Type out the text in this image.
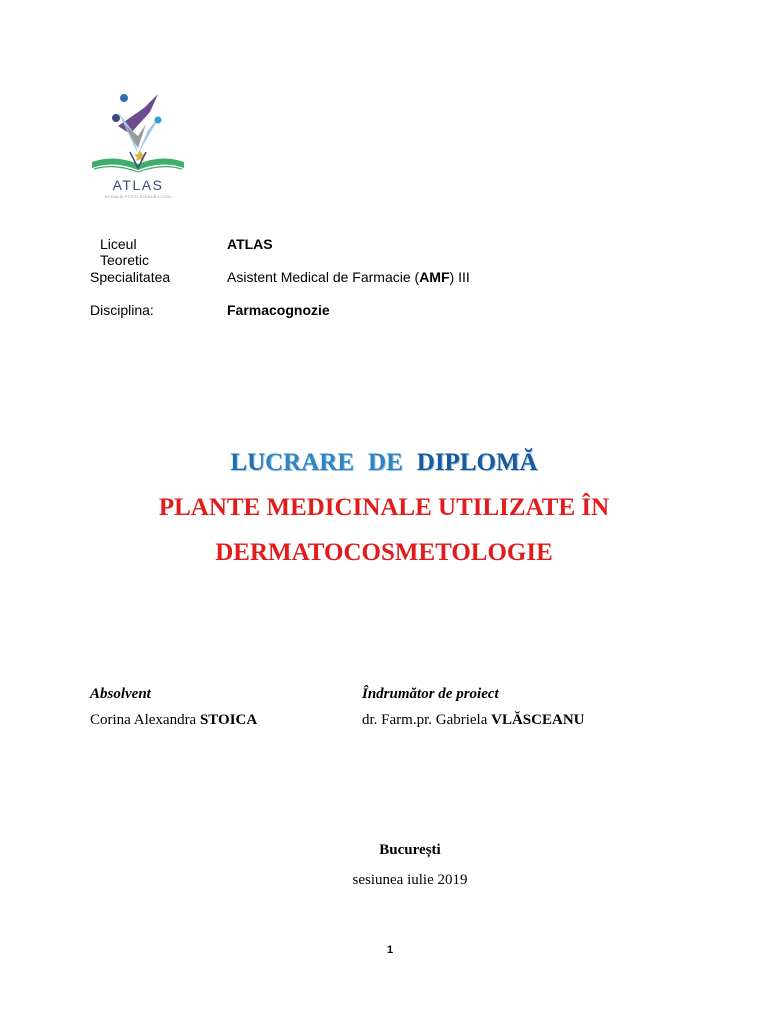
ATLAS
ȘCOALĂ POSTLICEALĂ LICEU
Liceul Teoretic
ATLAS
Specialitatea	Asistent Medical de Farmacie (AMF) III
Disciplina:	Farmacognozie
LUCRARE DE DIPLOMĂ
PLANTE MEDICINALE UTILIZATE ÎN
DERMATOCOSMETOLOGIE
Absolvent
Corina Alexandra STOICA
Îndrumător de proiect
dr. Farm.pr. Gabriela VLĂSCEANU
București
sesiunea iulie 2019
1
